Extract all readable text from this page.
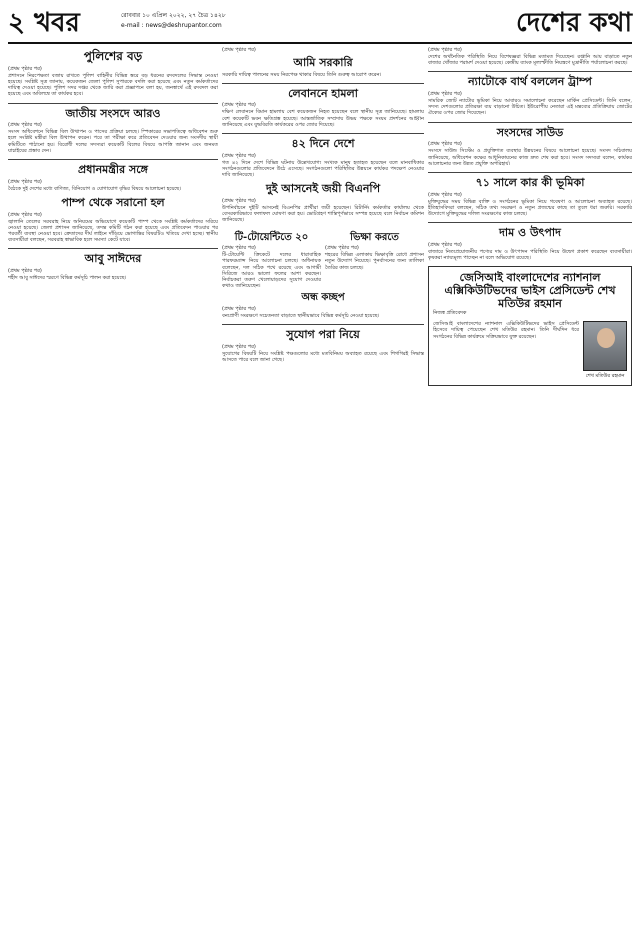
২ খবর	রোববার ১০ এপ্রিল ২০২২, ২৭ চৈত্র ১৪২৮
e-mail : news@deshrupantor.com	দেশের কথা
পুলিশের বড়
(প্রথম পৃষ্ঠার পর)

প্রশাসনে নিরপেক্ষতা বজায় রাখতে পুলিশ বাহিনীর বিভিন্ন স্তরে বড় ধরনের রদবদলের সিদ্ধান্ত নেওয়া হয়েছে। সংশ্লিষ্ট সূত্র জানায়, কয়েকজন জেলা পুলিশ সুপারকে বদলি করা হয়েছে এবং নতুন কর্মকর্তাদের দায়িত্ব দেওয়া হয়েছে। পুলিশ সদর দপ্তর থেকে জারি করা প্রজ্ঞাপনে বলা হয়, জনস্বার্থে এই রদবদল করা হয়েছে এবং অবিলম্বে তা কার্যকর হবে।

জাতীয় সংসদে আরও
(প্রথম পৃষ্ঠার পর)

সংসদ অধিবেশনে বিভিন্ন বিল উত্থাপন ও পাসের প্রক্রিয়া চলছে। স্পিকারের সভাপতিত্বে অধিবেশন শুরু হলে সংশ্লিষ্ট মন্ত্রীরা বিল উত্থাপন করেন। পরে তা পরীক্ষা করে প্রতিবেদন দেওয়ার জন্য সংসদীয় স্থায়ী কমিটিতে পাঠানো হয়। বিরোধী দলের সদস্যরা কয়েকটি বিলের বিষয়ে আপত্তি জানান এবং জনমত যাচাইয়ের প্রস্তাব দেন।

প্রধানমন্ত্রীর সঙ্গে
(প্রথম পৃষ্ঠার পর)

বৈঠকে দুই দেশের মধ্যে বাণিজ্য, বিনিয়োগ ও যোগাযোগ বৃদ্ধির বিষয়ে আলোচনা হয়েছে।

পাম্প থেকে সরানো হল
(প্রথম পৃষ্ঠার পর)

জ্বালানি তেলের সরবরাহ নিয়ে অনিয়মের অভিযোগে কয়েকটি পাম্প থেকে সংশ্লিষ্ট কর্মকর্তাদের সরিয়ে নেওয়া হয়েছে। জেলা প্রশাসন জানিয়েছে, তদন্ত কমিটি গঠন করা হয়েছে এবং প্রতিবেদন পাওয়ার পর পরবর্তী ব্যবস্থা নেওয়া হবে। ক্রেতাদের দীর্ঘ লাইনে দাঁড়িয়ে ভোগান্তির বিষয়টিও খতিয়ে দেখা হচ্ছে। স্থানীয় ব্যবসায়ীরা বলছেন, সরবরাহ স্বাভাবিক হলে সমস্যা কেটে যাবে।

আবু সাঈদের
(প্রথম পৃষ্ঠার পর)

শহীদ আবু সাঈদের স্মরণে বিভিন্ন কর্মসূচি পালন করা হয়েছে।

(প্রথম পৃষ্ঠার পর)
আমি সরকারি

সরকারি দায়িত্ব পালনের সময় নিরপেক্ষ থাকার বিষয়ে তিনি গুরুত্ব আরোপ করেন।

লেবাননে হামলা
(প্রথম পৃষ্ঠার পর)

দক্ষিণ লেবাননে বিমান হামলায় বেশ কয়েকজন নিহত হয়েছেন বলে স্থানীয় সূত্র জানিয়েছে। হামলায় বেশ কয়েকটি ভবন ক্ষতিগ্রস্ত হয়েছে। আন্তর্জাতিক সম্প্রদায় উভয় পক্ষকে সংযম প্রদর্শনের আহ্বান জানিয়েছে এবং যুদ্ধবিরতি কার্যকরের ওপর জোর দিয়েছে।

৪২ দিনে দেশে
(প্রথম পৃষ্ঠার পর)

গত ৪২ দিনে দেশে বিভিন্ন ঘটনায় উল্লেখযোগ্য সংখ্যক মানুষ হতাহত হয়েছেন বলে মানবাধিকার সংগঠনগুলোর প্রতিবেদনে উঠে এসেছে। সংগঠনগুলো পরিস্থিতির উন্নয়নে কার্যকর পদক্ষেপ নেওয়ার দাবি জানিয়েছে।

দুই আসনেই জয়ী বিএনপি
(প্রথম পৃষ্ঠার পর)

উপনির্বাচনে দুইটি আসনেই বিএনপির প্রার্থীরা জয়ী হয়েছেন। রিটার্নিং কর্মকর্তার কার্যালয় থেকে বেসরকারিভাবে ফলাফল ঘোষণা করা হয়। ভোটগ্রহণ শান্তিপূর্ণভাবে সম্পন্ন হয়েছে বলে নির্বাচন কমিশন জানিয়েছে।

টি-টোয়েন্টিতে ২০
(প্রথম পৃষ্ঠার পর)

টি-টোয়েন্টি ক্রিকেটে দলের ধারাবাহিক পারফরম্যান্স নিয়ে আলোচনা চলছে। অধিনায়ক বলেছেন, দল সঠিক পথে রয়েছে এবং আগামী সিরিজে আরও ভালো ফলের আশা করছেন। নির্বাচকরা তরুণ খেলোয়াড়দের সুযোগ দেওয়ার কথাও জানিয়েছেন।

ভিক্ষা করতে
(প্রথম পৃষ্ঠার পর)

শহরের বিভিন্ন এলাকায় ভিক্ষাবৃত্তি রোধে প্রশাসন নতুন উদ্যোগ নিয়েছে। পুনর্বাসনের জন্য তালিকা তৈরির কাজ চলছে।

অন্ধ কচ্ছপ
(প্রথম পৃষ্ঠার পর)

বন্যপ্রাণী সংরক্ষণে সচেতনতা বাড়াতে স্থানীয়ভাবে বিভিন্ন কর্মসূচি নেওয়া হয়েছে।

সুযোগ পরা নিয়ে
(প্রথম পৃষ্ঠার পর)

সুযোগের বিষয়টি নিয়ে সংশ্লিষ্ট পক্ষগুলোর মধ্যে মতবিনিময় অব্যাহত রয়েছে এবং শিগগিরই সিদ্ধান্ত আসতে পারে বলে জানা গেছে।

(প্রথম পৃষ্ঠার পর)

দেশের অর্থনৈতিক পরিস্থিতি নিয়ে বিশেষজ্ঞরা বিভিন্ন মতামত দিয়েছেন। রপ্তানি আয় বাড়াতে নতুন বাজার খোঁজার পরামর্শ দেওয়া হয়েছে। কেন্দ্রীয় ব্যাংক মূল্যস্ফীতি নিয়ন্ত্রণে মুদ্রানীতি পর্যালোচনা করছে।

ন্যাটোকে বার্থ বললেন ট্রাম্প
(প্রথম পৃষ্ঠার পর)

সামরিক জোট ন্যাটোর ভূমিকা নিয়ে আবারও সমালোচনা করেছেন মার্কিন প্রেসিডেন্ট। তিনি বলেন, সদস্য দেশগুলোর প্রতিরক্ষা ব্যয় বাড়ানো উচিত। ইউরোপীয় নেতারা এই মন্তব্যের প্রতিক্রিয়ায় জোটের ঐক্যের ওপর জোর দিয়েছেন।

সংসদের সাউড
(প্রথম পৃষ্ঠার পর)

সংসদে সাউন্ড সিস্টেম ও প্রযুক্তিগত ব্যবস্থার উন্নয়নের বিষয়ে আলোচনা হয়েছে। সংসদ সচিবালয় জানিয়েছে, অধিবেশন কক্ষের আধুনিকায়নের কাজ দ্রুত শেষ করা হবে। সংসদ সদস্যরা বলেন, কার্যকর আলোচনার জন্য উন্নত প্রযুক্তি অপরিহার্য।

৭১ সালে কার কী ভূমিকা
(প্রথম পৃষ্ঠার পর)

মুক্তিযুদ্ধের সময় বিভিন্ন ব্যক্তি ও সংগঠনের ভূমিকা নিয়ে গবেষণা ও আলোচনা অব্যাহত রয়েছে। ইতিহাসবিদরা বলছেন, সঠিক তথ্য সংরক্ষণ ও নতুন প্রজন্মের কাছে তা তুলে ধরা জরুরি। সরকারি উদ্যোগে মুক্তিযুদ্ধের দলিল সংরক্ষণের কাজ চলছে।

দাম ও উৎপাদ
(প্রথম পৃষ্ঠার পর)

বাজারে নিত্যপ্রয়োজনীয় পণ্যের দাম ও উৎপাদন পরিস্থিতি নিয়ে উদ্বেগ প্রকাশ করেছেন ব্যবসায়ীরা। কৃষকরা ন্যায্যমূল্য পাচ্ছেন না বলে অভিযোগ রয়েছে।

জেসিআই বাংলাদেশের ন্যাশনাল এক্সিকিউটিভদের ভাইস প্রেসিডেন্ট শেখ মতিউর রহমান
নিজস্ব প্রতিবেদক

জেসিআই বাংলাদেশের ন্যাশনাল এক্সিকিউটিভদের ভাইস প্রেসিডেন্ট হিসেবে দায়িত্ব পেয়েছেন শেখ মতিউর রহমান। তিনি দীর্ঘদিন ধরে সংগঠনের বিভিন্ন কার্যক্রমে সক্রিয়ভাবে যুক্ত রয়েছেন।

শেখ মতিউর রহমান
